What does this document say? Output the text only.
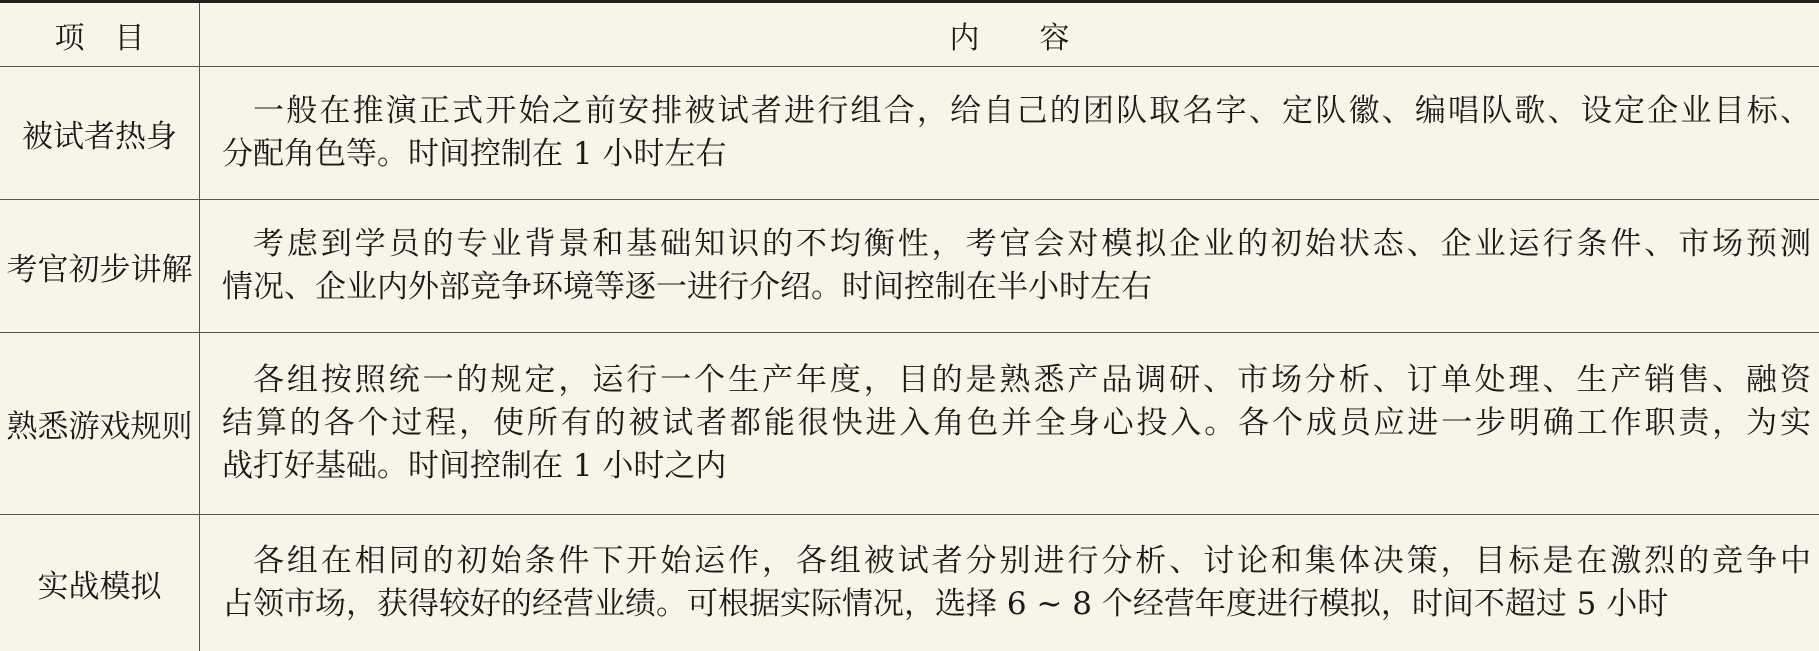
项　目	内　　容
被试者热身
一般在推演正式开始之前安排被试者进行组合，给自己的团队取名字、定队徽、编唱队歌、设定企业目标、
分配角色等。时间控制在 1 小时左右
考官初步讲解
考虑到学员的专业背景和基础知识的不均衡性，考官会对模拟企业的初始状态、企业运行条件、市场预测
情况、企业内外部竞争环境等逐一进行介绍。时间控制在半小时左右
熟悉游戏规则
各组按照统一的规定，运行一个生产年度，目的是熟悉产品调研、市场分析、订单处理、生产销售、融资
结算的各个过程，使所有的被试者都能很快进入角色并全身心投入。各个成员应进一步明确工作职责，为实
战打好基础。时间控制在 1 小时之内
实战模拟
各组在相同的初始条件下开始运作，各组被试者分别进行分析、讨论和集体决策，目标是在激烈的竞争中
占领市场，获得较好的经营业绩。可根据实际情况，选择 6 ~ 8 个经营年度进行模拟，时间不超过 5 小时
